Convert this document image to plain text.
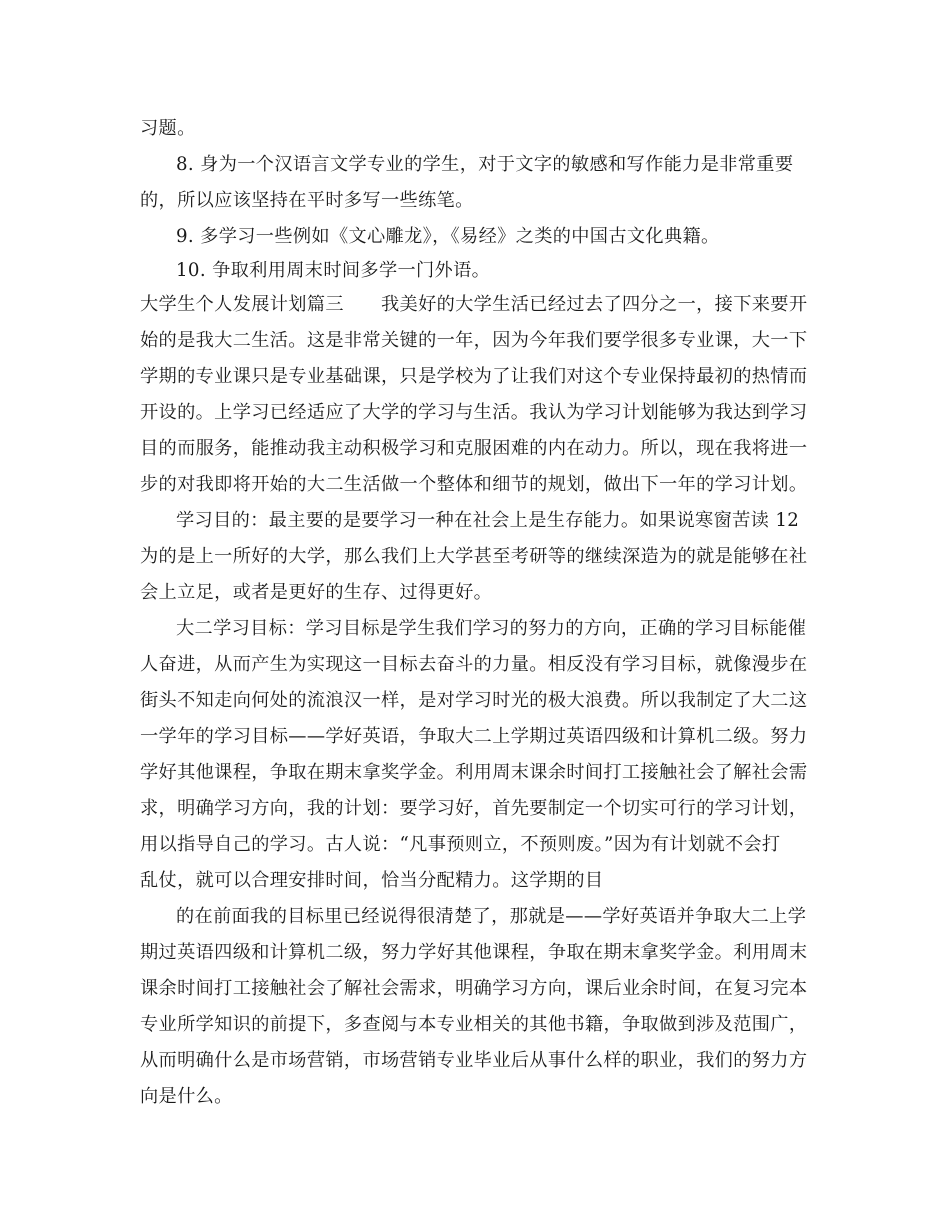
习题。
8. 身为一个汉语言文学专业的学生，对于文字的敏感和写作能力是非常重要
的，所以应该坚持在平时多写一些练笔。
9. 多学习一些例如《文心雕龙》，《易经》之类的中国古文化典籍。
10. 争取利用周末时间多学一门外语。
大学生个人发展计划篇三　　我美好的大学生活已经过去了四分之一，接下来要开
始的是我大二生活。这是非常关键的一年，因为今年我们要学很多专业课，大一下
学期的专业课只是专业基础课，只是学校为了让我们对这个专业保持最初的热情而
开设的。上学习已经适应了大学的学习与生活。我认为学习计划能够为我达到学习
目的而服务，能推动我主动积极学习和克服困难的内在动力。所以，现在我将进一
步的对我即将开始的大二生活做一个整体和细节的规划，做出下一年的学习计划。
学习目的：最主要的是要学习一种在社会上是生存能力。如果说寒窗苦读 12
为的是上一所好的大学，那么我们上大学甚至考研等的继续深造为的就是能够在社
会上立足，或者是更好的生存、过得更好。
大二学习目标：学习目标是学生我们学习的努力的方向，正确的学习目标能催
人奋进，从而产生为实现这一目标去奋斗的力量。相反没有学习目标，就像漫步在
街头不知走向何处的流浪汉一样，是对学习时光的极大浪费。所以我制定了大二这
一学年的学习目标——学好英语，争取大二上学期过英语四级和计算机二级。努力
学好其他课程，争取在期末拿奖学金。利用周末课余时间打工接触社会了解社会需
求，明确学习方向，我的计划：要学习好，首先要制定一个切实可行的学习计划，
用以指导自己的学习。古人说：“凡事预则立，不预则废。”因为有计划就不会打
乱仗，就可以合理安排时间，恰当分配精力。这学期的目
的在前面我的目标里已经说得很清楚了，那就是——学好英语并争取大二上学
期过英语四级和计算机二级，努力学好其他课程，争取在期末拿奖学金。利用周末
课余时间打工接触社会了解社会需求，明确学习方向，课后业余时间，在复习完本
专业所学知识的前提下，多查阅与本专业相关的其他书籍，争取做到涉及范围广，
从而明确什么是市场营销，市场营销专业毕业后从事什么样的职业，我们的努力方
向是什么。
